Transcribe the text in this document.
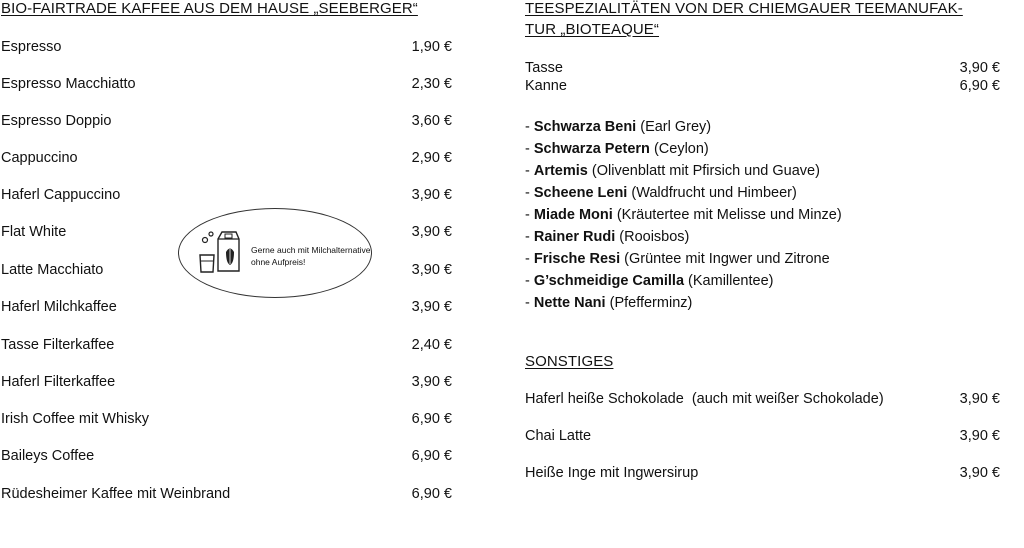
BIO-FAIRTRADE KAFFEE AUS DEM HAUSE „SEEBERGER“
Espresso	1,90 €
Espresso Macchiatto	2,30 €
Espresso Doppio	3,60 €
Cappuccino	2,90 €
Haferl Cappuccino	3,90 €
Flat White	3,90 €
Latte Macchiato	3,90 €
Haferl Milchkaffee	3,90 €
Tasse Filterkaffee	2,40 €
Haferl Filterkaffee	3,90 €
Irish Coffee mit Whisky	6,90 €
Baileys Coffee	6,90 €
Rüdesheimer Kaffee mit Weinbrand	6,90 €
Gerne auch mit Milchalternative
ohne Aufpreis!
TEESPEZIALITÄTEN VON DER CHIEMGAUER TEEMANUFAK-
TUR „BIOTEAQUE“
Tasse	3,90 €
Kanne	6,90 €
- Schwarza Beni (Earl Grey)
- Schwarza Petern (Ceylon)
- Artemis (Olivenblatt mit Pfirsich und Guave)
- Scheene Leni (Waldfrucht und Himbeer)
- Miade Moni (Kräutertee mit Melisse und Minze)
- Rainer Rudi (Rooisbos)
- Frische Resi (Grüntee mit Ingwer und Zitrone
- G’schmeidige Camilla (Kamillentee)
- Nette Nani (Pfefferminz)
SONSTIGES
Haferl heiße Schokolade  (auch mit weißer Schokolade)	3,90 €
Chai Latte	3,90 €
Heiße Inge mit Ingwersirup	3,90 €
